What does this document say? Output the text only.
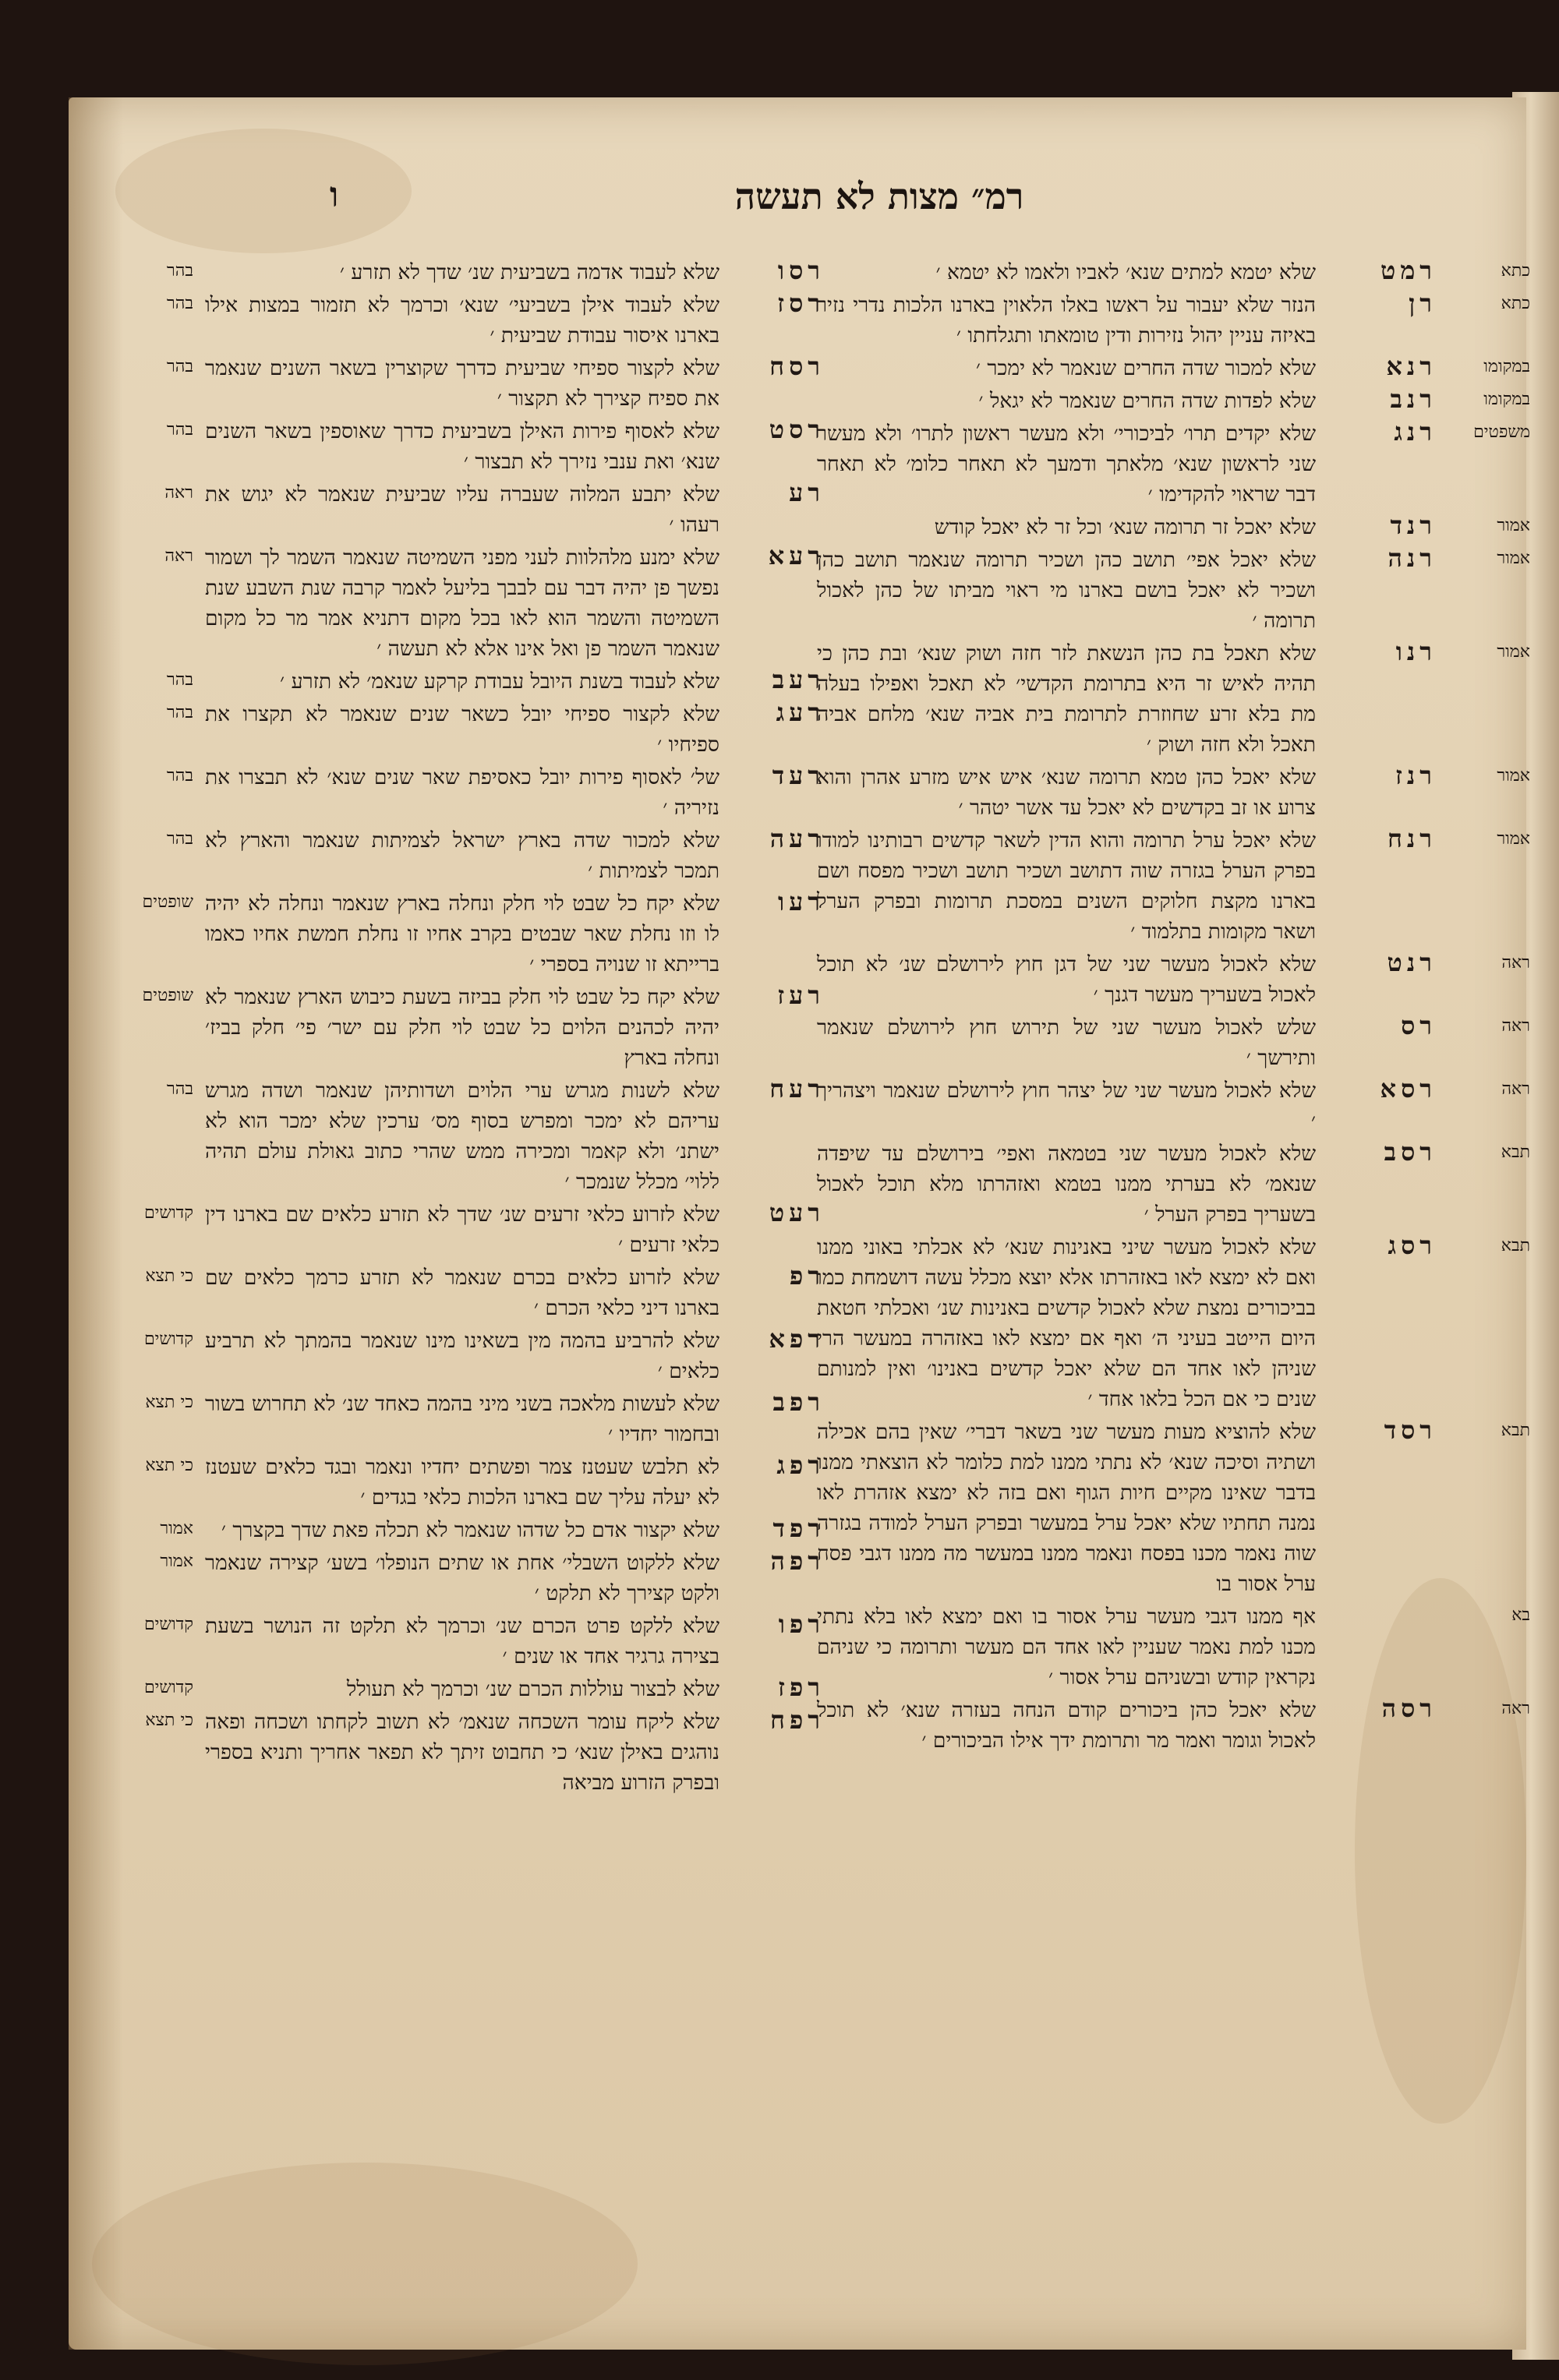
רמ״ מצות לא תעשה
ו
כתא
כתא
במקומו
במקומו
משפטים
אמור
אמור
אמור
אמור
אמור
ראה
ראה
ראה
תבא
תבא
תבא
בא
ראה
רמט
רן
רנא
רנב
רנג
רנד
רנה
רנו
רנז
רנח
רנט
רס
רסא
רסב
רסג
רסד
רסה
שלא יטמא למתים שנא׳ לאביו ולאמו לא יטמא ׳
הנזר שלא יעבור על ראשו באלו הלאוין בארנו הלכות נדרי נזיר באיזה עניין יהול נזירות ודין טומאתו ותגלחתו ׳
שלא למכור שדה החרים שנאמר לא ימכר ׳
שלא לפדות שדה החרים שנאמר לא יגאל ׳
שלא יקדים תרו׳ לביכורי׳ ולא מעשר ראשון לתרו׳ ולא מעשר שני לראשון שנא׳ מלאתך ודמעך לא תאחר כלומ׳ לא תאחר דבר שראוי להקדימו ׳
שלא יאכל זר תרומה שנא׳ וכל זר לא יאכל קודש
שלא יאכל אפי׳ תושב כהן ושכיר תרומה שנאמר תושב כהן ושכיר לא יאכל בושם בארנו מי ראוי מביתו של כהן לאכול תרומה ׳
שלא תאכל בת כהן הנשאת לזר חזה ושוק שנא׳ ובת כהן כי תהיה לאיש זר היא בתרומת הקדשי׳ לא תאכל ואפילו בעלה מת בלא זרע שחוזרת לתרומת בית אביה שנא׳ מלחם אביה תאכל ולא חזה ושוק ׳
שלא יאכל כהן טמא תרומה שנא׳ איש איש מזרע אהרן והוא צרוע או זב בקדשים לא יאכל עד אשר יטהר ׳
שלא יאכל ערל תרומה והוא הדין לשאר קדשים רבותינו למודו בפרק הערל בגזרה שוה דתושב ושכיר תושב ושכיר מפסח ושם בארנו מקצת חלוקים השנים במסכת תרומות ובפרק הערל ושאר מקומות בתלמוד ׳
שלא לאכול מעשר שני של דגן חוץ לירושלם שנ׳ לא תוכל לאכול בשעריך מעשר דגנך ׳
שלש לאכול מעשר שני של תירוש חוץ לירושלם שנאמר ותירשך ׳
שלא לאכול מעשר שני של יצהר חוץ לירושלם שנאמר ויצהריך ׳
שלא לאכול מעשר שני בטמאה ואפי׳ בירושלם עד שיפדה שנאמ׳ לא בערתי ממנו בטמא ואזהרתו מלא תוכל לאכול בשעריך בפרק הערל ׳
שלא לאכול מעשר שיני באנינות שנא׳ לא אכלתי באוני ממנו ואם לא ימצא לאו באזהרתו אלא יוצא מכלל עשה דושמחת כמו בביכורים נמצת שלא לאכול קדשים באנינות שנ׳ ואכלתי חטאת היום הייטב בעיני ה׳ ואף אם ימצא לאו באזהרה במעשר הרי שניהן לאו אחד הם שלא יאכל קדשים באנינו׳ ואין למנותם שנים כי אם הכל בלאו אחד ׳
שלא להוציא מעות מעשר שני בשאר דברי׳ שאין בהם אכילה ושתיה וסיכה שנא׳ לא נתתי ממנו למת כלומר לא הוצאתי ממנו בדבר שאינו מקיים חיות הגוף ואם בזה לא ימצא אזהרת לאו נמנה תחתיו שלא יאכל ערל במעשר ובפרק הערל למודה בגזרה שוה נאמר מכנו בפסח ונאמר ממנו במעשר מה ממנו דגבי פסח ערל אסור בו
אף ממנו דגבי מעשר ערל אסור בו ואם ימצא לאו בלא נתתי מכנו למת נאמר שעניין לאו אחד הם מעשר ותרומה כי שניהם נקראין קודש ובשניהם ערל אסור ׳
שלא יאכל כהן ביכורים קודם הנחה בעזרה שנא׳ לא תוכל לאכול וגומר ואמר מר ותרומת ידך אילו הביכורים ׳
רסו
רסז
רסח
רסט
רע
רעא
רעב
רעג
רעד
רעה
רעו
רעז
רעח
רעט
רפ
רפא
רפב
רפג
רפד
רפה
רפו
רפז
רפח
שלא לעבוד אדמה בשביעית שנ׳ שדך לא תזרע ׳
שלא לעבוד אילן בשביעי׳ שנא׳ וכרמך לא תזמור במצות אילו בארנו איסור עבודת שביעית ׳
שלא לקצור ספיחי שביעית כדרך שקוצרין בשאר השנים שנאמר את ספיח קצירך לא תקצור ׳
שלא לאסוף פירות האילן בשביעית כדרך שאוספין בשאר השנים שנא׳ ואת ענבי נזירך לא תבצור ׳
שלא יתבע המלוה שעברה עליו שביעית שנאמר לא יגוש את רעהו ׳
שלא ימנע מלהלוות לעני מפני השמיטה שנאמר השמר לך ושמור נפשך פן יהיה דבר עם לבבך בליעל לאמר קרבה שנת השבע שנת השמיטה והשמר הוא לאו בכל מקום דתניא אמר מר כל מקום שנאמר השמר פן ואל אינו אלא לא תעשה ׳
שלא לעבוד בשנת היובל עבודת קרקע שנאמ׳ לא תזרע ׳
שלא לקצור ספיחי יובל כשאר שנים שנאמר לא תקצרו את ספיחיו ׳
של׳ לאסוף פירות יובל כאסיפת שאר שנים שנא׳ לא תבצרו את נזיריה ׳
שלא למכור שדה בארץ ישראל לצמיתות שנאמר והארץ לא תמכר לצמיתות ׳
שלא יקח כל שבט לוי חלק ונחלה בארץ שנאמר ונחלה לא יהיה לו וזו נחלת שאר שבטים בקרב אחיו זו נחלת חמשת אחיו כאמו ברייתא זו שנויה בספרי ׳
שלא יקח כל שבט לוי חלק בביזה בשעת כיבוש הארץ שנאמר לא יהיה לכהנים הלוים כל שבט לוי חלק עם ישר׳ פי׳ חלק בביז׳ ונחלה בארץ
שלא לשנות מגרש ערי הלוים ושדותיהן שנאמר ושדה מגרש עריהם לא ימכר ומפרש בסוף מס׳ ערכין שלא ימכר הוא לא ישתנ׳ ולא קאמר ומכירה ממש שהרי כתוב גאולת עולם תהיה ללוי׳ מכלל שנמכר ׳
שלא לזרוע כלאי זרעים שנ׳ שדך לא תזרע כלאים שם בארנו דין כלאי זרעים ׳
שלא לזרוע כלאים בכרם שנאמר לא תזרע כרמך כלאים שם בארנו דיני כלאי הכרם ׳
שלא להרביע בהמה מין בשאינו מינו שנאמר בהמתך לא תרביע כלאים ׳
שלא לעשות מלאכה בשני מיני בהמה כאחד שנ׳ לא תחרוש בשור ובחמור יחדיו ׳
לא תלבש שעטנז צמר ופשתים יחדיו ונאמר ובגד כלאים שעטנז לא יעלה עליך שם בארנו הלכות כלאי בגדים ׳
שלא יקצור אדם כל שדהו שנאמר לא תכלה פאת שדך בקצרך ׳
שלא ללקוט השבלי׳ אחת או שתים הנופלו׳ בשע׳ קצירה שנאמר ולקט קצירך לא תלקט ׳
שלא ללקט פרט הכרם שנ׳ וכרמך לא תלקט זה הנושר בשעת בצירה גרגיר אחד או שנים ׳
שלא לבצור עוללות הכרם שנ׳ וכרמך לא תעולל
שלא ליקח עומר השכחה שנאמ׳ לא תשוב לקחתו ושכחה ופאה נוהגים באילן שנא׳ כי תחבוט זיתך לא תפאר אחריך ותניא בספרי ובפרק הזרוע מביאה
בהר
בהר
בהר
בהר
ראה
ראה
בהר
בהר
בהר
בהר
שופטים
שופטים
בהר
קדושים
כי תצא
קדושים
כי תצא
כי תצא
אמור
אמור
קדושים
קדושים
כי תצא
